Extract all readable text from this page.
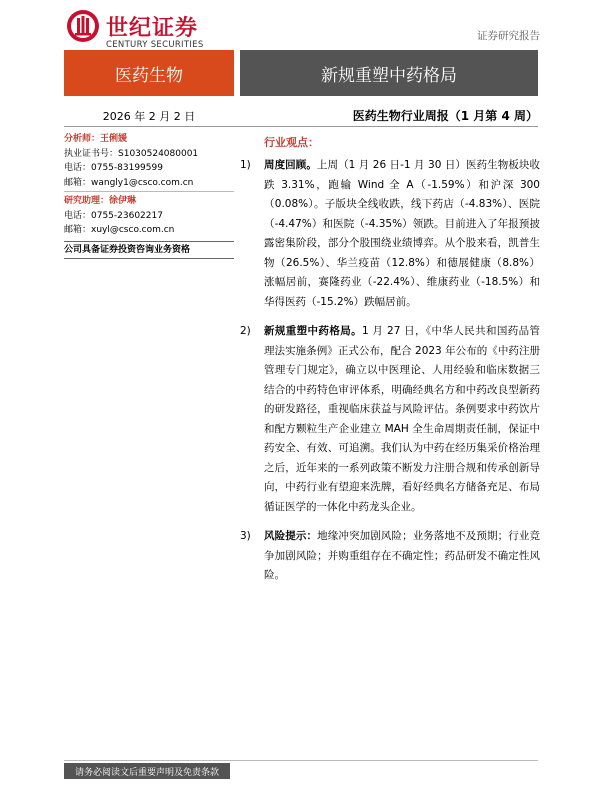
世纪证券
CENTURY SECURITIES
证券研究报告
医药生物	新规重塑中药格局
2026 年 2 月 2 日	医药生物行业周报（1 月第 4 周）
分析师：王俐媛
执业证书号：S1030524080001
电话：0755-83199599
邮箱：wangly1@csco.com.cn
研究助理：徐伊琳
电话：0755-23602217
邮箱：xuyl@csco.com.cn
公司具备证券投资咨询业务资格
行业观点：
1) 周度回顾。上周（1 月 26 日-1 月 30 日）医药生物板块收跌 3.31%，跑输 Wind 全 A（-1.59%）和沪深 300（0.08%）。子版块全线收跌，线下药店（-4.83%）、医院（-4.47%）和医院（-4.35%）领跌。目前进入了年报预披露密集阶段，部分个股围绕业绩博弈。从个股来看，凯普生物（26.5%）、华兰疫苗（12.8%）和德展健康（8.8%）涨幅居前，赛隆药业（-22.4%）、维康药业（-18.5%）和华得医药（-15.2%）跌幅居前。
2) 新规重塑中药格局。1 月 27 日，《中华人民共和国药品管理法实施条例》正式公布，配合 2023 年公布的《中药注册管理专门规定》，确立以中医理论、人用经验和临床数据三结合的中药特色审评体系，明确经典名方和中药改良型新药的研发路径，重视临床获益与风险评估。条例要求中药饮片和配方颗粒生产企业建立 MAH 全生命周期责任制，保证中药安全、有效、可追溯。我们认为中药在经历集采价格治理之后，近年来的一系列政策不断发力注册合规和传承创新导向，中药行业有望迎来洗牌，看好经典名方储备充足、布局循证医学的一体化中药龙头企业。
3) 风险提示：地缘冲突加剧风险；业务落地不及预期；行业竞争加剧风险；并购重组存在不确定性；药品研发不确定性风险。
请务必阅读文后重要声明及免责条款
